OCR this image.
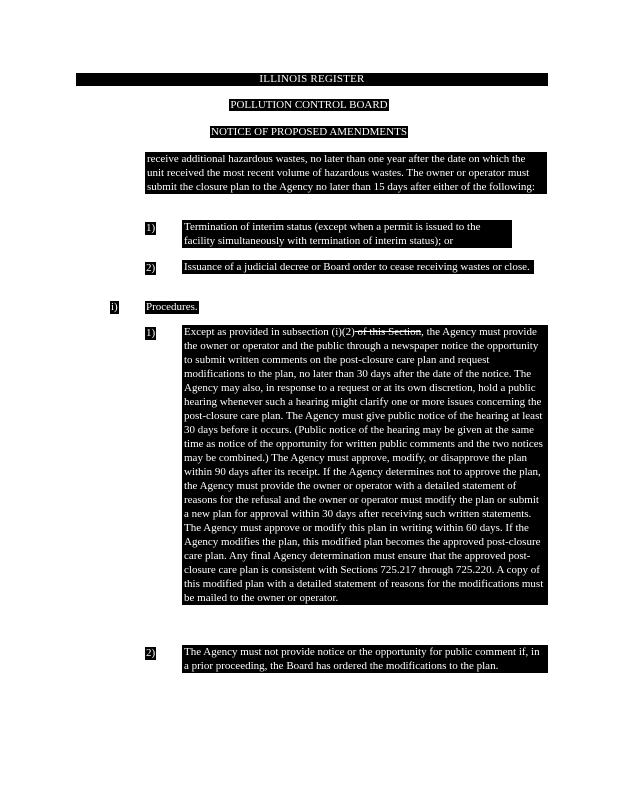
ILLINOIS REGISTER
POLLUTION CONTROL BOARD
NOTICE OF PROPOSED AMENDMENTS

receive additional hazardous wastes, no later than one year after the date on which the unit received the most recent volume of hazardous wastes. The owner or operator must submit the closure plan to the Agency no later than 15 days after either of the following:

1)	Termination of interim status (except when a permit is issued to the facility simultaneously with termination of interim status); or

2)	Issuance of a judicial decree or Board order to cease receiving wastes or close.

i)	Procedures.
1)	Except as provided in subsection (i)(2) of this Section, the Agency must provide the owner or operator and the public through a newspaper notice the opportunity to submit written comments on the post-closure care plan and request modifications to the plan, no later than 30 days after the date of the notice. The Agency may also, in response to a request or at its own discretion, hold a public hearing whenever such a hearing might clarify one or more issues concerning the post-closure care plan. The Agency must give public notice of the hearing at least 30 days before it occurs. (Public notice of the hearing may be given at the same time as notice of the opportunity for written public comments and the two notices may be combined.) The Agency must approve, modify, or disapprove the plan within 90 days after its receipt. If the Agency determines not to approve the plan, the Agency must provide the owner or operator with a detailed statement of reasons for the refusal and the owner or operator must modify the plan or submit a new plan for approval within 30 days after receiving such written statements. The Agency must approve or modify this plan in writing within 60 days. If the Agency modifies the plan, this modified plan becomes the approved post-closure care plan. Any final Agency determination must ensure that the approved post-closure care plan is consistent with Sections 725.217 through 725.220. A copy of this modified plan with a detailed statement of reasons for the modifications must be mailed to the owner or operator.

2)	The Agency must not provide notice or the opportunity for public comment if, in a prior proceeding, the Board has ordered the modifications to the plan.
